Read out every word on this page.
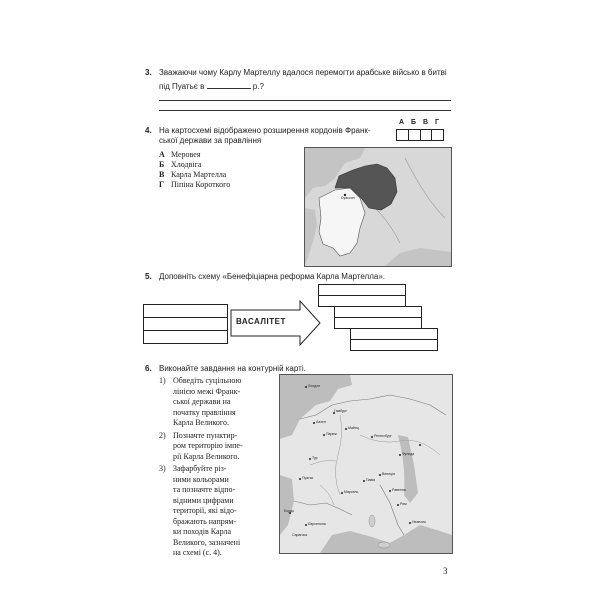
3. Зважаючи чому Карлу Мартеллу вдалося перемогти арабське військо в битві
під Пуатьє в	р.?
4. На картосхемі відображено розширення кордонів Франк-
ської держави за правління
А Б В Г
А Меровея
Б Хлодвіга
В Карла Мартелла
Г Піпіна Короткого
Суассон
5. Доповніть схему «Бенефіціарна реформа Карла Мартелла».
ВАСАЛІТЕТ
6. Виконайте завдання на контурній карті.
1) Обведіть суцільною
лінією межі Франк-
ської держави на
початку правління
Карла Великого.
2) Позначте пунктир-
ром територію імпе-
рії Карла Великого.
3) Зафарбуйте різ-
ними кольорами
та позначте відпо-
відними цифрами
території, які відо-
бражають напрям-
ки походів Карла
Великого, зазначені
на схемі (с. 4).
Гамбург
Аахен
Париж
Тур
Пуатьє
Бордо
Марсель
Рим
Венеція
Регенсбург
Павія
Барселона
Лондон
Майнц
Фульда
Сарагоса
Равенна
Неаполь
3
